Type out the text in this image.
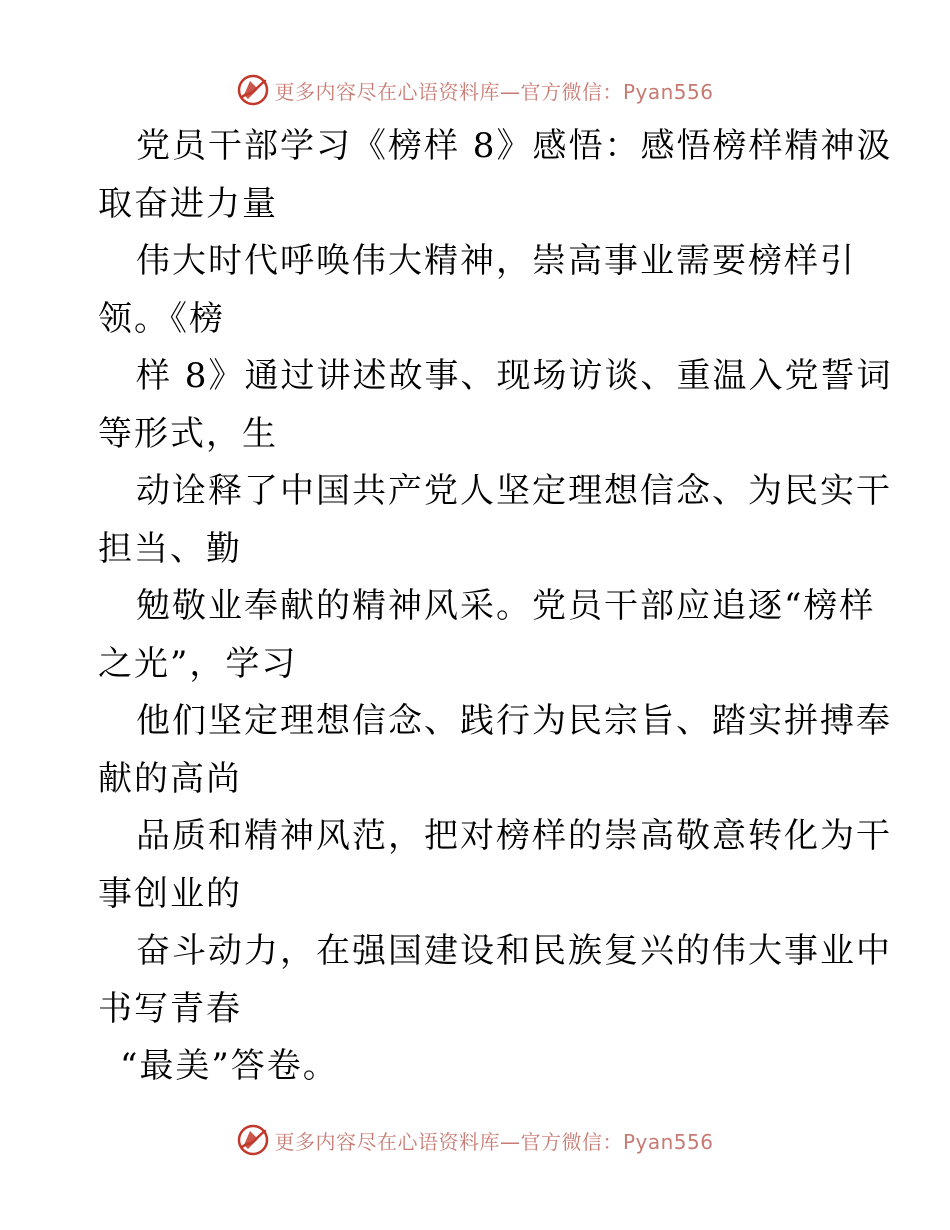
更多内容尽在心语资料库—官方微信：Pyan556
党员干部学习《榜样 8》感悟：感悟榜样精神汲
取奋进力量
伟大时代呼唤伟大精神，崇高事业需要榜样引
领。《榜
样 8》通过讲述故事、现场访谈、重温入党誓词
等形式，生
动诠释了中国共产党人坚定理想信念、为民实干
担当、勤
勉敬业奉献的精神风采。党员干部应追逐“榜样
之光”，学习
他们坚定理想信念、践行为民宗旨、踏实拼搏奉
献的高尚
品质和精神风范，把对榜样的崇高敬意转化为干
事创业的
奋斗动力，在强国建设和民族复兴的伟大事业中
书写青春
“最美”答卷。
更多内容尽在心语资料库—官方微信：Pyan556
